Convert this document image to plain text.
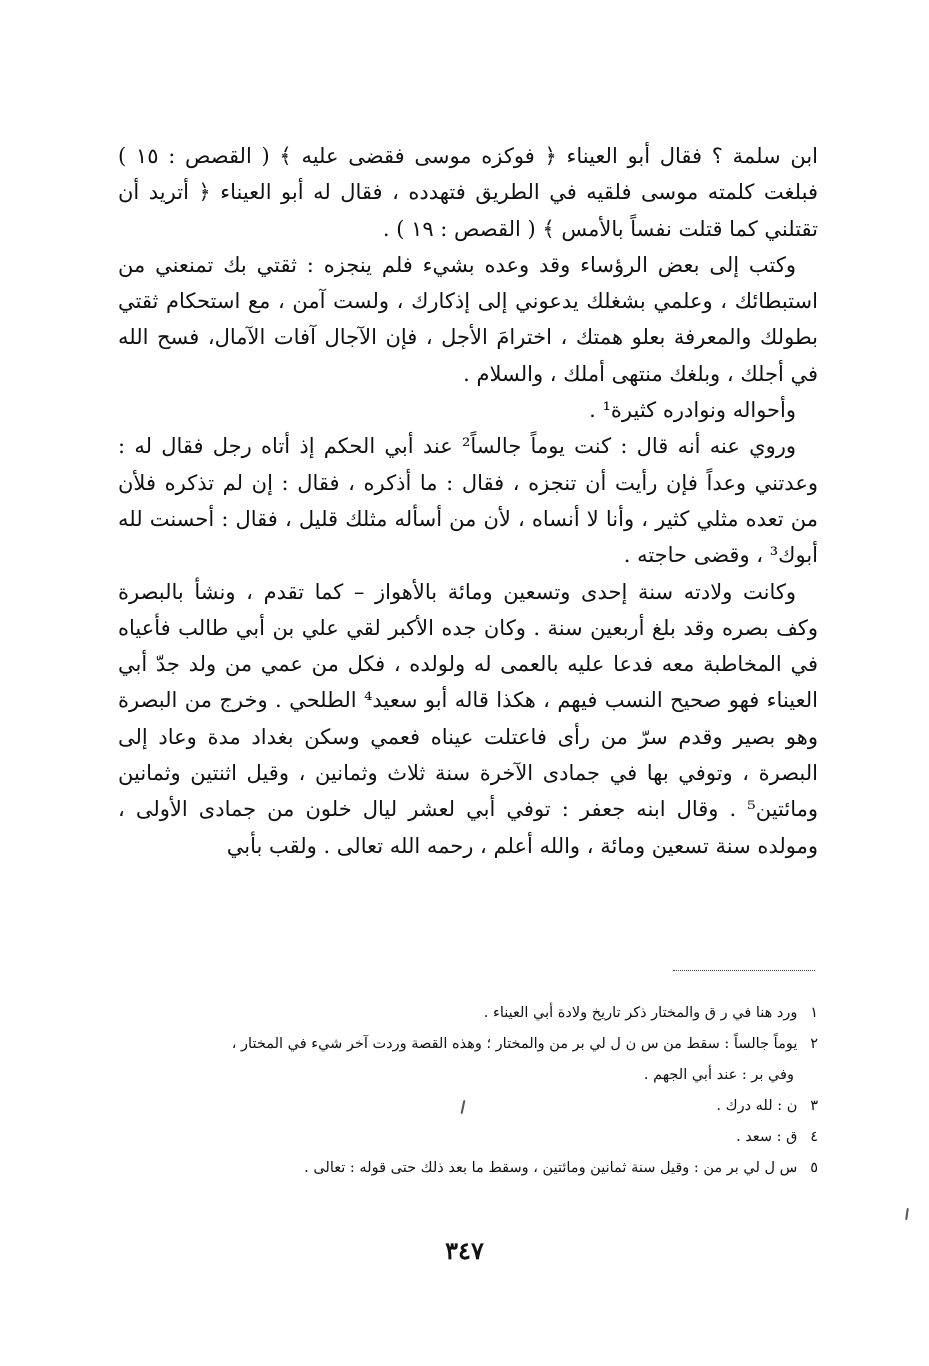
ابن سلمة ؟ فقال أبو العيناء ﴿ فوكزه موسى فقضى عليه ﴾ ( القصص : ١٥ ) فبلغت كلمته موسى فلقيه في الطريق فتهدده ، فقال له أبو العيناء ﴿ أتريد أن تقتلني كما قتلت نفساً بالأمس ﴾ ( القصص : ١٩ ) .

وكتب إلى بعض الرؤساء وقد وعده بشيء فلم ينجزه : ثقتي بك تمنعني من استبطائك ، وعلمي بشغلك يدعوني إلى إذكارك ، ولست آمن ، مع استحكام ثقتي بطولك والمعرفة بعلو همتك ، اخترامَ الأجل ، فإن الآجال آفات الآمال، فسح الله في أجلك ، وبلغك منتهى أملك ، والسلام .

وأحواله ونوادره كثيرة¹ .

وروي عنه أنه قال : كنت يوماً جالساً² عند أبي الحكم إذ أتاه رجل فقال له : وعدتني وعداً فإن رأيت أن تنجزه ، فقال : ما أذكره ، فقال : إن لم تذكره فلأن من تعده مثلي كثير ، وأنا لا أنساه ، لأن من أسأله مثلك قليل ، فقال : أحسنت لله أبوك³ ، وقضى حاجته .

وكانت ولادته سنة إحدى وتسعين ومائة بالأهواز – كما تقدم ، ونشأ بالبصرة وكف بصره وقد بلغ أربعين سنة . وكان جده الأكبر لقي علي بن أبي طالب فأعياه في المخاطبة معه فدعا عليه بالعمى له ولولده ، فكل من عمي من ولد جدّ أبي العيناء فهو صحيح النسب فيهم ، هكذا قاله أبو سعيد⁴ الطلحي . وخرج من البصرة وهو بصير وقدم سرّ من رأى فاعتلت عيناه فعمي وسكن بغداد مدة وعاد إلى البصرة ، وتوفي بها في جمادى الآخرة سنة ثلاث وثمانين ، وقيل اثنتين وثمانين ومائتين⁵ . وقال ابنه جعفر : توفي أبي لعشر ليال خلون من جمادى الأولى ، ومولده سنة تسعين ومائة ، والله أعلم ، رحمه الله تعالى . ولقب بأبي

١ ورد هنا في ر ق والمختار ذكر تاريخ ولادة أبي العيناء .

٢ يوماً جالساً : سقط من س ن ل لي بر من والمختار ؛ وهذه القصة وردت آخر شيء في المختار ،

وفي بر : عند أبي الجهم .

٣ ن : لله درك .

٤ ق : سعد .

٥ س ل لي بر من : وقيل سنة ثمانين ومائتين ، وسقط ما بعد ذلك حتى قوله : تعالى .

٣٤٧
